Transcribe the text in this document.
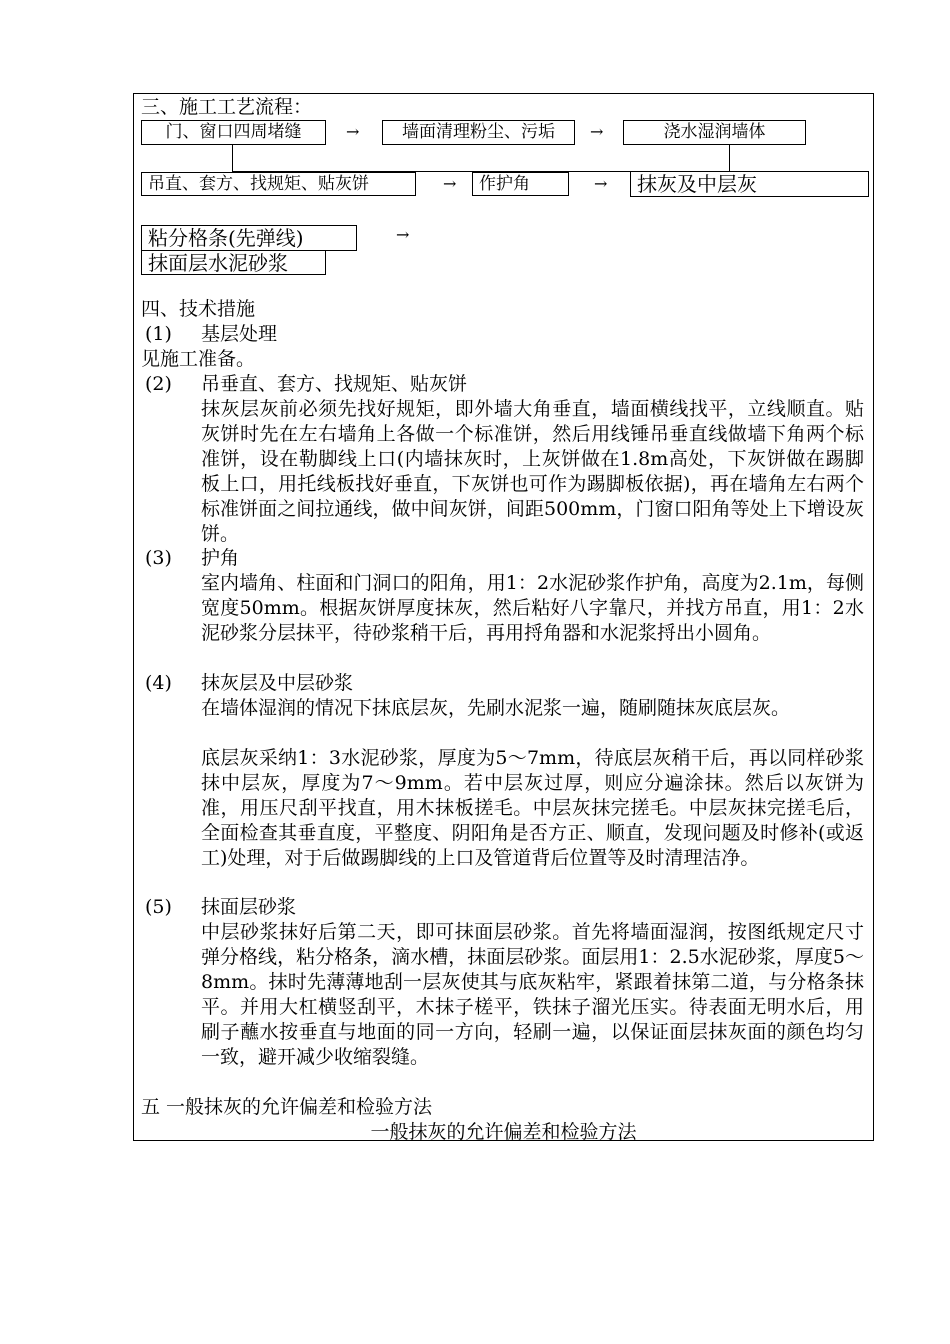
三、施工工艺流程：
门、窗口四周堵缝	→	墙面清理粉尘、污垢	→	浇水湿润墙体
吊直、套方、找规矩、贴灰饼	→	作护角	→	抹灰及中层灰
粘分格条(先弹线)	→
抹面层水泥砂浆
四、技术措施
(1) 基层处理
见施工准备。
(2) 吊垂直、套方、找规矩、贴灰饼
抹灰层灰前必须先找好规矩，即外墙大角垂直，墙面横线找平，立线顺直。贴灰饼时先在左右墙角上各做一个标准饼，然后用线锤吊垂直线做墙下角两个标准饼，设在勒脚线上口(内墙抹灰时，上灰饼做在1.8m高处，下灰饼做在踢脚板上口，用托线板找好垂直，下灰饼也可作为踢脚板依据)，再在墙角左右两个标准饼面之间拉通线，做中间灰饼，间距500mm，门窗口阳角等处上下增设灰饼。
(3) 护角
室内墙角、柱面和门洞口的阳角，用1：2水泥砂浆作护角，高度为2.1m，每侧宽度50mm。根据灰饼厚度抹灰，然后粘好八字靠尺，并找方吊直，用1：2水泥砂浆分层抹平，待砂浆稍干后，再用捋角器和水泥浆捋出小圆角。
(4) 抹灰层及中层砂浆
在墙体湿润的情况下抹底层灰，先刷水泥浆一遍，随刷随抹灰底层灰。
底层灰采纳1：3水泥砂浆，厚度为5～7mm，待底层灰稍干后，再以同样砂浆抹中层灰，厚度为7～9mm。若中层灰过厚，则应分遍涂抹。然后以灰饼为准，用压尺刮平找直，用木抹板搓毛。中层灰抹完搓毛。中层灰抹完搓毛后，全面检查其垂直度，平整度、阴阳角是否方正、顺直，发现问题及时修补(或返工)处理，对于后做踢脚线的上口及管道背后位置等及时清理洁净。
(5) 抹面层砂浆
中层砂浆抹好后第二天，即可抹面层砂浆。首先将墙面湿润，按图纸规定尺寸弹分格线，粘分格条，滴水槽，抹面层砂浆。面层用1：2.5水泥砂浆，厚度5～8mm。抹时先薄薄地刮一层灰使其与底灰粘牢，紧跟着抹第二道，与分格条抹平。并用大杠横竖刮平，木抹子槎平，铁抹子溜光压实。待表面无明水后，用刷子蘸水按垂直与地面的同一方向，轻刷一遍，以保证面层抹灰面的颜色均匀一致，避开减少收缩裂缝。
五 一般抹灰的允许偏差和检验方法
一般抹灰的允许偏差和检验方法
